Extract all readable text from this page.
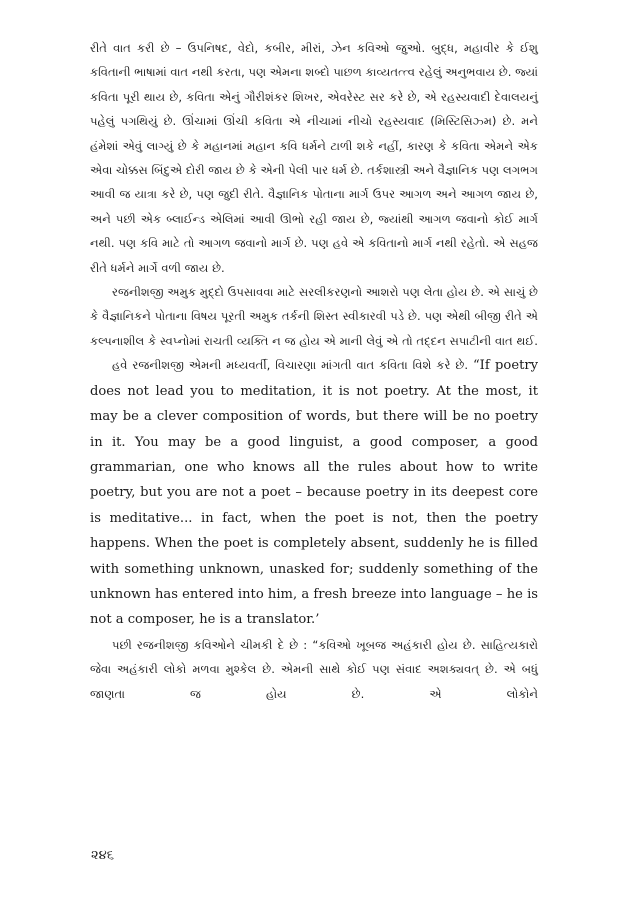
રીતે વાત કરી છે – ઉપનિષદ, વેદો, કબીર, મીરાં, ઝેન કવિઓ જુઓ. બુદ્ધ, મહાવીર કે ઈશુ કવિતાની ભાષામાં વાત નથી કરતા, પણ એમના શબ્દો પાછળ કાવ્યતત્ત્વ રહેલું અનુભવાય છે. જ્યાં કવિતા પૂરી થાય છે, કવિતા એનું ગૌરીશંકર શિખર, એવરેસ્ટ સર કરે છે, એ રહસ્યવાદી દેવાલયનું પહેલું પગથિયું છે. ઊંચામાં ઊંચી કવિતા એ નીચામાં નીચો રહસ્યવાદ (મિસ્ટિસિઝ્મ) છે. મને હંમેશાં એવું લાગ્યું છે કે મહાનમાં મહાન કવિ ધર્મને ટાળી શકે નહીં, કારણ કે કવિતા એમને એક એવા ચોક્કસ બિંદુએ દોરી જાય છે કે એની પેલી પાર ધર્મ છે. તર્કશાસ્ત્રી અને વૈજ્ઞાનિક પણ લગભગ આવી જ યાત્રા કરે છે, પણ જુદી રીતે. વૈજ્ઞાનિક પોતાના માર્ગ ઉપર આગળ અને આગળ જાય છે, અને પછી એક બ્લાઈન્ડ એલિમાં આવી ઊભો રહી જાય છે, જ્યાંથી આગળ જવાનો કોઈ માર્ગ નથી. પણ કવિ માટે તો આગળ જવાનો માર્ગ છે. પણ હવે એ કવિતાનો માર્ગ નથી રહેતો. એ સહજ રીતે ધર્મને માર્ગે વળી જાય છે.

રજનીશજી અમુક મુદ્દો ઉપસાવવા માટે સરલીકરણનો આશરો પણ લેતા હોય છે. એ સાચું છે કે વૈજ્ઞાનિકને પોતાના વિષય પૂરતી અમુક તર્કની શિસ્ત સ્વીકારવી પડે છે. પણ એથી બીજી રીતે એ કલ્પનાશીલ કે સ્વપ્નોમાં રાચતી વ્યક્તિ ન જ હોય એ માની લેવું એ તો તદ્દન સપાટીની વાત થઈ.

હવે રજનીશજી એમની મધ્યવર્તી, વિચારણા માંગતી વાત કવિતા વિશે કરે છે. “If poetry does not lead you to meditation, it is not poetry. At the most, it may be a clever composition of words, but there will be no poetry in it. You may be a good linguist, a good composer, a good grammarian, one who knows all the rules about how to write poetry, but you are not a poet – because poetry in its deepest core is meditative... in fact, when the poet is not, then the poetry happens. When the poet is completely absent, suddenly he is filled with something unknown, unasked for; suddenly something of the unknown has entered into him, a fresh breeze into language – he is not a composer, he is a translator.’

પછી રજનીશજી કવિઓને ચીમકી દે છે : “કવિઓ ખૂબજ અહંકારી હોય છે. સાહિત્યકારો જેવા અહંકારી લોકો મળવા મુશ્કેલ છે. એમની સાથે કોઈ પણ સંવાદ અશક્યવત્ છે. એ બધું જાણતા જ હોય છે. એ લોકોને

૨૪૬
